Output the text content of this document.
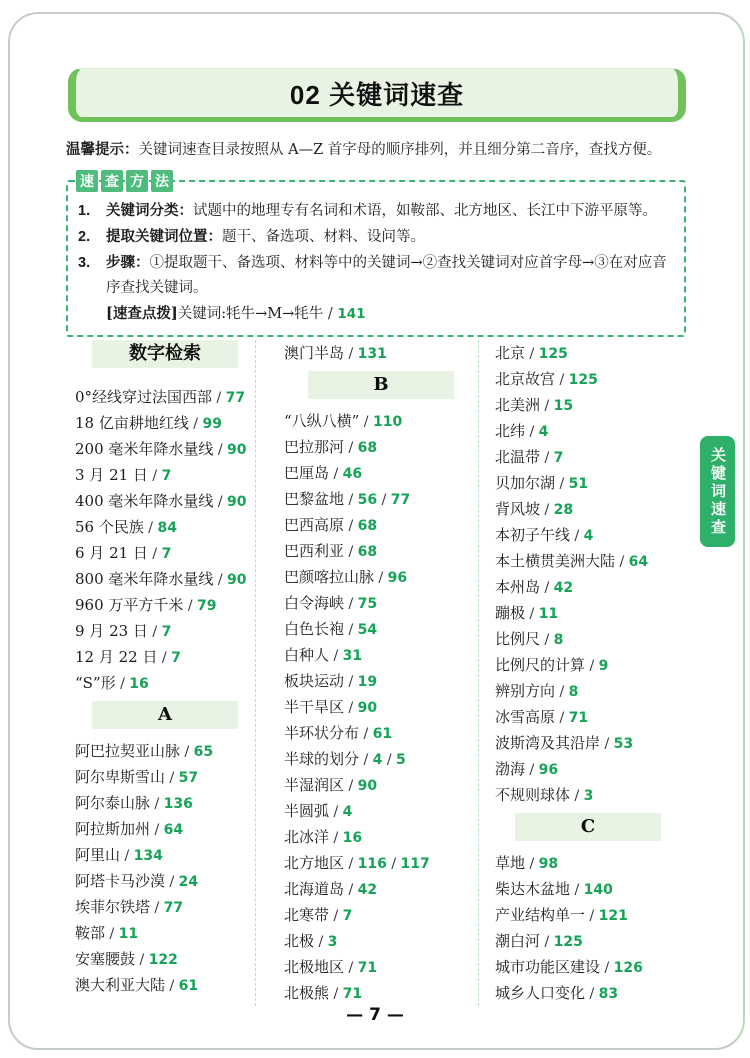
02 关键词速查

温馨提示：关键词速查目录按照从 A—Z 首字母的顺序排列，并且细分第二音序，查找方便。

速 查 方 法
1. 关键词分类：试题中的地理专有名词和术语，如鞍部、北方地区、长江中下游平原等。
2. 提取关键词位置：题干、备选项、材料、设问等。
3. 步骤：①提取题干、备选项、材料等中的关键词→②查找关键词对应首字母→③在对应音序查找关键词。
[速查点拨]关键词:牦牛→M→牦牛 / 141
数字检索
0°经线穿过法国西部 / 77
18 亿亩耕地红线 / 99
200 毫米年降水量线 / 90
3 月 21 日 / 7
400 毫米年降水量线 / 90
56 个民族 / 84
6 月 21 日 / 7
800 毫米年降水量线 / 90
960 万平方千米 / 79
9 月 23 日 / 7
12 月 22 日 / 7
“S”形 / 16
A
阿巴拉契亚山脉 / 65
阿尔卑斯雪山 / 57
阿尔泰山脉 / 136
阿拉斯加州 / 64
阿里山 / 134
阿塔卡马沙漠 / 24
埃菲尔铁塔 / 77
鞍部 / 11
安塞腰鼓 / 122
澳大利亚大陆 / 61
澳门半岛 / 131
B
“八纵八横” / 110
巴拉那河 / 68
巴厘岛 / 46
巴黎盆地 / 56 / 77
巴西高原 / 68
巴西利亚 / 68
巴颜喀拉山脉 / 96
白令海峡 / 75
白色长袍 / 54
白种人 / 31
板块运动 / 19
半干旱区 / 90
半环状分布 / 61
半球的划分 / 4 / 5
半湿润区 / 90
半圆弧 / 4
北冰洋 / 16
北方地区 / 116 / 117
北海道岛 / 42
北寒带 / 7
北极 / 3
北极地区 / 71
北极熊 / 71
北京 / 125
北京故宫 / 125
北美洲 / 15
北纬 / 4
北温带 / 7
贝加尔湖 / 51
背风坡 / 28
本初子午线 / 4
本土横贯美洲大陆 / 64
本州岛 / 42
蹦极 / 11
比例尺 / 8
比例尺的计算 / 9
辨别方向 / 8
冰雪高原 / 71
波斯湾及其沿岸 / 53
渤海 / 96
不规则球体 / 3
C
草地 / 98
柴达木盆地 / 140
产业结构单一 / 121
潮白河 / 125
城市功能区建设 / 126
城乡人口变化 / 83
— 7 —
关键词速查
